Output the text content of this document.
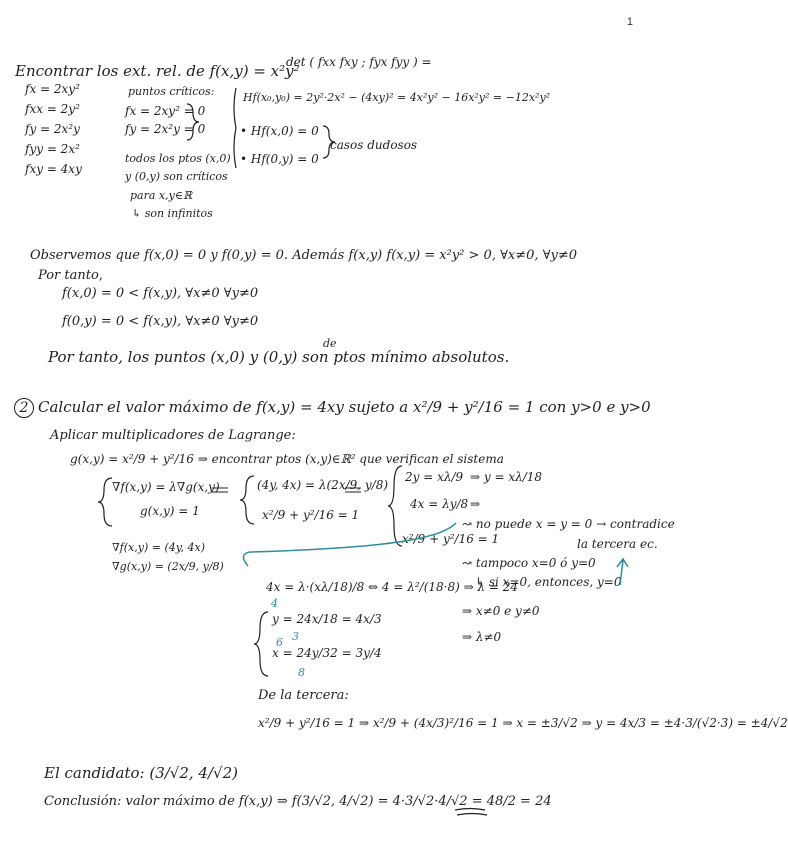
1
Encontrar los ext. rel. de f(x,y) = x²y²
fx = 2xy²
fxx = 2y²
fy = 2x²y
fyy = 2x²
fxy = 4xy
puntos críticos:
fx = 2xy² = 0
fy = 2x²y = 0
todos los ptos (x,0)
y (0,y) son críticos
para x,y∈ℝ
↳ son infinitos
det ( fxx fxy ; fyx fyy ) =
Hf(x₀,y₀) = 2y²·2x² − (4xy)² = 4x²y² − 16x²y² = −12x²y²
• Hf(x,0) = 0
• Hf(0,y) = 0
casos dudosos
Observemos que f(x,0) = 0 y f(0,y) = 0. Además f(x,y) f(x,y) = x²y² > 0, ∀x≠0, ∀y≠0
Por tanto,
f(x,0) = 0 < f(x,y), ∀x≠0 ∀y≠0
f(0,y) = 0 < f(x,y), ∀x≠0 ∀y≠0
de
Por tanto, los puntos (x,0) y (0,y) son ptos mínimo absolutos.
2 Calcular el valor máximo de f(x,y) = 4xy sujeto a x²/9 + y²/16 = 1 con y>0 e y>0
Aplicar multiplicadores de Lagrange:
g(x,y) = x²/9 + y²/16 ⇒ encontrar ptos (x,y)∈ℝ² que verifican el sistema
∇f(x,y) = λ∇g(x,y)
g(x,y) = 1
(4y, 4x) = λ(2x/9, y/8)
x²/9 + y²/16 = 1
2y = xλ/9
4x = λy/8
x²/9 + y²/16 = 1
⇒ y = xλ/18
⇒
∇f(x,y) = (4y, 4x)
∇g(x,y) = (2x/9, y/8)
↝ no puede x = y = 0 → contradice
la tercera ec.
4x = λ·(xλ/18)/8 ⇔ 4 = λ²/(18·8) ⇒ λ = 24
4
↝ tampoco x=0 ó y=0
↳ si x=0, entonces, y=0
⇒ x≠0 e y≠0
⇒ λ≠0
y = 24x/18 = 4x/3
3
6
x = 24y/32 = 3y/4
8
De la tercera:
x²/9 + y²/16 = 1 ⇒ x²/9 + (4x/3)²/16 = 1 ⇒ x = ±3/√2 ⇒ y = 4x/3 = ±4·3/(√2·3) = ±4/√2
El candidato: (3/√2, 4/√2)
Conclusión: valor máximo de f(x,y) ⇒ f(3/√2, 4/√2) = 4·3/√2·4/√2 = 48/2 = 24
